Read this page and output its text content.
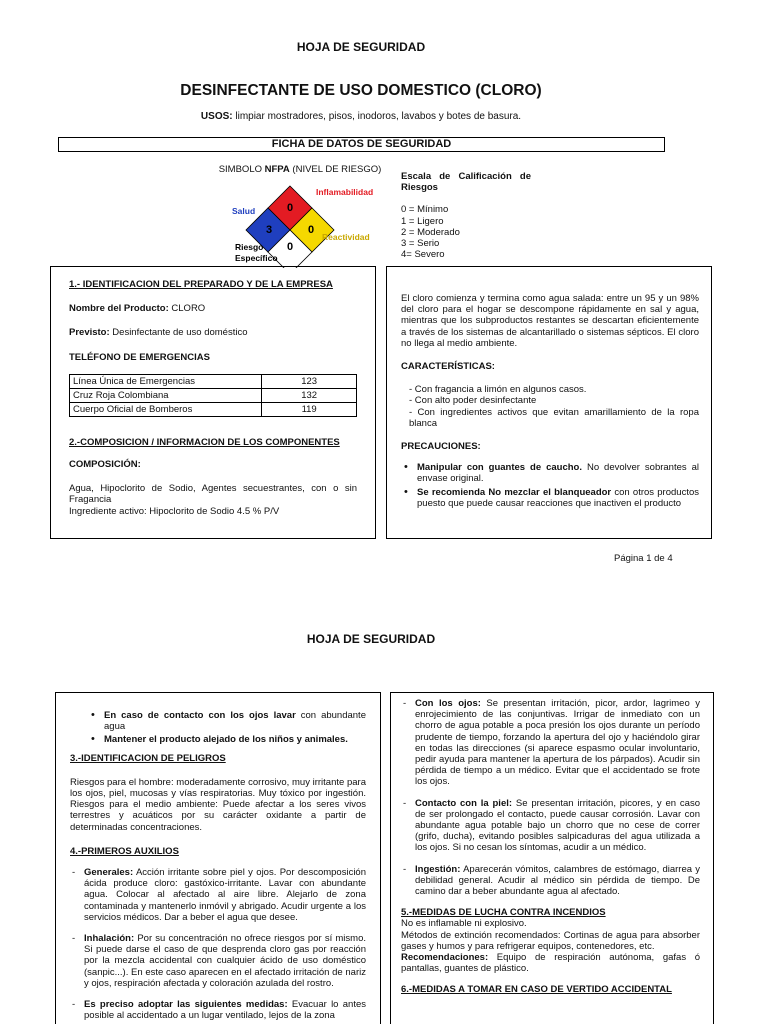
HOJA DE SEGURIDAD
DESINFECTANTE DE USO DOMESTICO (CLORO)
USOS: limpiar mostradores, pisos, inodoros, lavabos y botes de basura.
FICHA DE DATOS DE SEGURIDAD
SIMBOLO NFPA (NIVEL DE RIESGO)
0
3	0
0
Inflamabilidad
Salud
Reactividad
Riesgo
Específico
Escala de Calificación de Riesgos
0 = Mínimo
1 = Ligero
2 = Moderado
3 = Serio
4= Severo
1.- IDENTIFICACION DEL PREPARADO Y DE LA EMPRESA
Nombre del Producto: CLORO
Previsto: Desinfectante de uso doméstico
TELÉFONO DE EMERGENCIAS
Línea Única de Emergencias	123
Cruz Roja Colombiana	132
Cuerpo Oficial de Bomberos	119
2.-COMPOSICION / INFORMACION DE LOS COMPONENTES
COMPOSICIÓN:
Agua, Hipoclorito de Sodio, Agentes secuestrantes, con o sin Fragancia
Ingrediente activo: Hipoclorito de Sodio 4.5 % P/V
El cloro comienza y termina como agua salada: entre un 95 y un 98% del cloro para el hogar se descompone rápidamente en sal y agua, mientras que los subproductos restantes se descartan eficientemente a través de los sistemas de alcantarillado o sistemas sépticos. El cloro no llega al medio ambiente.
CARACTERÍSTICAS:
- Con fragancia a limón en algunos casos.
- Con alto poder desinfectante
- Con ingredientes activos que evitan amarillamiento de la ropa blanca
PRECAUCIONES:
• Manipular con guantes de caucho. No devolver sobrantes al envase original.
• Se recomienda No mezclar el blanqueador con otros productos puesto que puede causar reacciones que inactiven el producto
Página 1 de 4
HOJA DE SEGURIDAD
• En caso de contacto con los ojos lavar con abundante agua
• Mantener el producto alejado de los niños y animales.
3.-IDENTIFICACION DE PELIGROS
Riesgos para el hombre: moderadamente corrosivo, muy irritante para los ojos, piel, mucosas y vías respiratorias. Muy tóxico por ingestión. Riesgos para el medio ambiente: Puede afectar a los seres vivos terrestres y acuáticos por su carácter oxidante a partir de determinadas concentraciones.
4.-PRIMEROS AUXILIOS
- Generales: Acción irritante sobre piel y ojos. Por descomposición ácida produce cloro: gastóxico-irritante. Lavar con abundante agua. Colocar al afectado al aire libre. Alejarlo de zona contaminada y mantenerlo inmóvil y abrigado. Acudir urgente a los servicios médicos. Dar a beber el agua que desee.
- Inhalación: Por su concentración no ofrece riesgos por sí mismo. Si puede darse el caso de que desprenda cloro gas por reacción por la mezcla accidental con cualquier ácido de uso doméstico (sanpic...). En este caso aparecen en el afectado irritación de nariz y ojos, respiración afectada y coloración azulada del rostro.
- Es preciso adoptar las siguientes medidas: Evacuar lo antes posible al accidentado a un lugar ventilado, lejos de la zona
- Con los ojos: Se presentan irritación, picor, ardor, lagrimeo y enrojecimiento de las conjuntivas. Irrigar de inmediato con un chorro de agua potable a poca presión los ojos durante un período prudente de tiempo, forzando la apertura del ojo y haciéndolo girar en todas las direcciones (si aparece espasmo ocular involuntario, pedir ayuda para mantener la apertura de los párpados). Acudir sin pérdida de tiempo a un médico. Evitar que el accidentado se frote los ojos.
- Contacto con la piel: Se presentan irritación, picores, y en caso de ser prolongado el contacto, puede causar corrosión. Lavar con abundante agua potable bajo un chorro que no cese de correr (grifo, ducha), evitando posibles salpicaduras del agua utilizada a los ojos. Si no cesan los síntomas, acudir a un médico.
- Ingestión: Aparecerán vómitos, calambres de estómago, diarrea y debilidad general. Acudir al médico sin pérdida de tiempo. De camino dar a beber abundante agua al afectado.
5.-MEDIDAS DE LUCHA CONTRA INCENDIOS
No es inflamable ni explosivo.
Métodos de extinción recomendados: Cortinas de agua para absorber gases y humos y para refrigerar equipos, contenedores, etc.
Recomendaciones: Equipo de respiración autónoma, gafas ó pantallas, guantes de plástico.
6.-MEDIDAS A TOMAR EN CASO DE VERTIDO ACCIDENTAL
